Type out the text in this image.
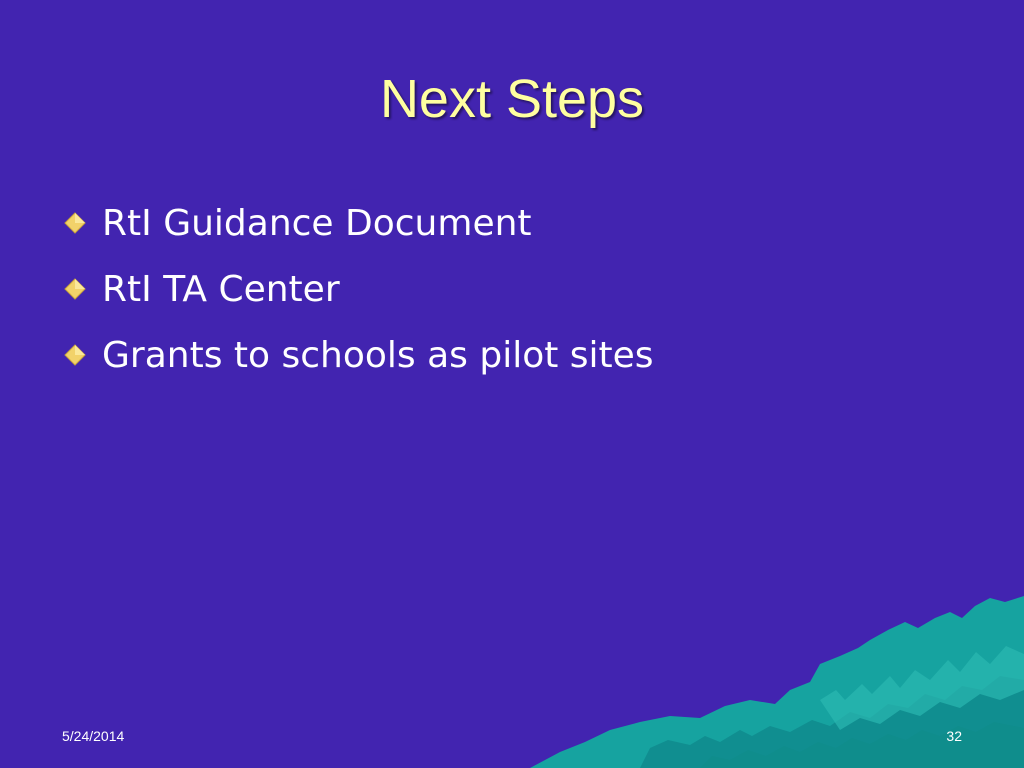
Next Steps
RtI Guidance Document
RtI TA Center
Grants to schools as pilot sites
5/24/2014	32
